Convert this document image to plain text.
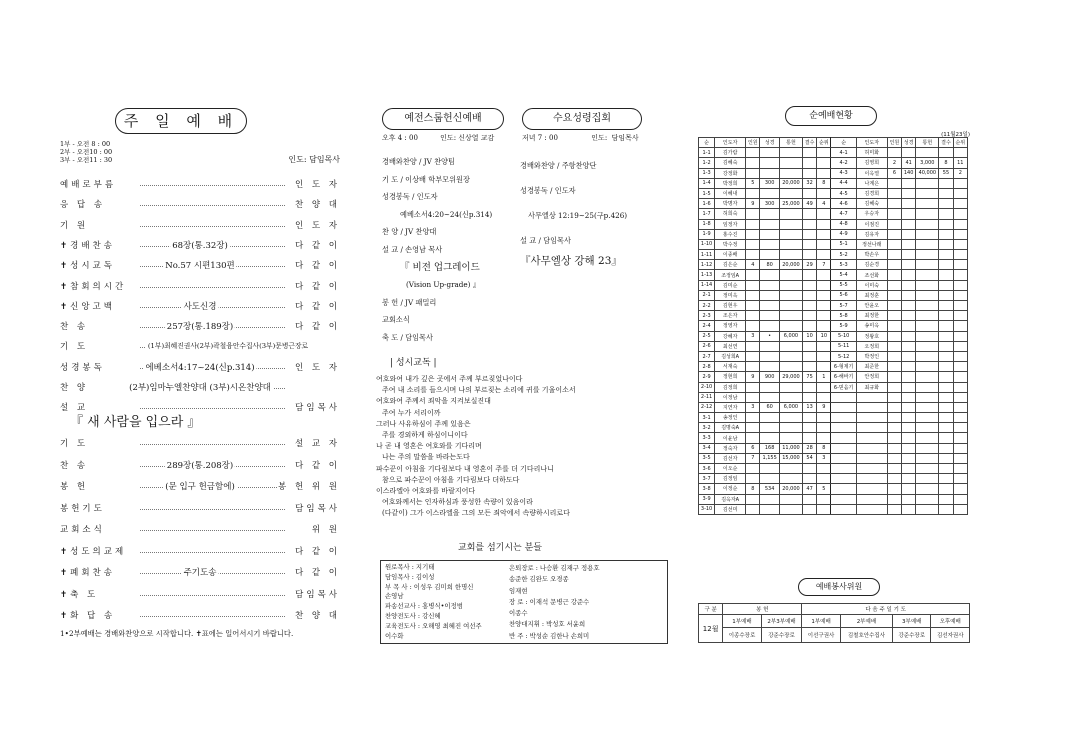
주 일 예 배
1부 - 오전 8 : 00
2부 - 오전10 : 00
3부 - 오전11 : 30	인도: 담임목사
예배로부름	인 도 자
응 답 송	찬 양 대
기 원	인 도 자
✝경배찬송	68장(통.32장)	다 같 이
✝성시교독	No.57 시편130편	다 같 이
✝참회의시간	다 같 이
✝신앙고백	사도신경	다 같 이
찬 송	257장(통.189장)	다 같 이
기 도	(1부)최혜진권사(2부)곽철융안수집사(3부)문병근장로
성경봉독	에베소서4:17~24(신p.314)	인 도 자
찬 양	(2부)임마누엘찬양대 (3부)시온찬양대
설 교	담임목사
『 새 사람을 입으라 』
기 도	설 교 자
찬 송	289장(통.208장)	다 같 이
봉 헌	(문 입구 헌금함에)	봉 헌 위 원
봉헌기도	담임목사
교회소식	위 원
✝성도의교제	다 같 이
✝폐회찬송	주기도송	다 같 이
✝축 도	담임목사
✝화 답 송	찬 양 대
1•2부예배는 경배와찬양으로 시작합니다. ✝표에는 일어서시기 바랍니다.
예전스룹헌신예배	수요성령집회
오후 4 : 00          인도: 신상열 교감	저녁 7 : 00               인도:  담임목사
경배와찬양 / JV 찬양팀
기 도 / 이상배 학부모위원장
성경봉독 / 인도자
예베소서4:20~24(신p.314)
찬 양 / JV 찬양대
설 교 / 손영남 목사
『 비전 업그레이드
(Vision Up-grade) 』
봉 헌 / JV 패밀리
교회소식
축 도 / 담임목사
경배와찬양 / 주항찬양단
성경봉독 / 인도자
사무엘상 12:19~25(구p.426)
설 교 / 담임목사
『사무엘상 강해 23』
| 성시교독 |
여호와여 내가 깊은 곳에서 주께 부르짖었나이다
주여 내 소리를 들으시며 나의 부르짖는 소리에 귀를 기울이소서
여호와여 주께서 죄악을 지켜보실진대
주여 누가 서리이까
그러나 사유하심이 주께 있음은
주를 경외하게 하심이니이다
나 곧 내 영혼은 여호와를 기다리며
나는 주의 말씀을 바라는도다
파수꾼이 아침을 기다림보다 내 영혼이 주를 더 기다리나니
참으로 파수꾼이 아침을 기다림보다 더하도다
이스라엘아 여호와를 바랄지어다
여호와께서는 인자하심과 풍성한 속량이 있음이라
(다같이) 그가 이스라엘을 그의 모든 죄악에서 속량하시리로다
교회를 섬기시는 분들
원로목사 : 지기태
담임목사 : 김이성
부 목 사 : 이성우 김미희 한명신
손영남
파송선교사 : 홍병식•이정범
찬양전도사 : 강신혜
교육전도사 : 오해영 최혜진 여선주
이수화
은퇴장로 : 나승환 김재구 정용호
송준한 김완도 오경종
임재현
장 로 : 이재석 문병근 강준수
이종수
찬양대지휘 : 박성호 서윤희
반 주 : 박성순 김한나 손희미
순예배현황
(11월23일)
순	인도자	인원	성경	통헌	결수	순위	순	인도자	인원	성경	통헌	결수	순위
1-1	김가람						4-1	허미화					
1-2	김혜숙						4-2	김영희	2	41	3,000	8	11
1-3	강정화						4-3	이옥열	6	140	40,000	55	2
1-4	박정희	5	300	20,000	32	8	4-4	나계은					
1-5	이혜내						4-5	김경희					
1-6	박명자	9	300	25,000	49	4	4-6	김혜숙					
1-7	허희숙						4-7	우승자					
1-8	임정자						4-8	이점진					
1-9	홍수진						4-9	김유자					
1-10	박수정						5-1	정선나래					
1-11	이종배						5-2	박손우					
1-12	김은순	4	80	20,000	29	7	5-3	김순경					
1-13	조정임A						5-4	조선화					
1-14	김미순						5-5	이미숙					
2-1	정미옥						5-6	최정훈					
2-2	김현우						5-7	안윤오					
2-3	조은자						5-8	최정한					
2-4	정영자						5-9	송미옥					
2-5	강혜자	3	•	6,000	10	10	5-10	정왕호					
2-6	최선연						5-11	오정희					
2-7	김성희A						5-12	박정인					
2-8	서재숙						6-형제기	최준한					
2-9	정현희	9	900	29,000	75	1	6-해바기	안정희					
2-10	김정희						6-믿음기	최규화					
2-11	이정남												
2-12	지연자	3	60	6,000	13	9							
3-1	송정인												
3-2	김명숙A												
3-3	이윤남												
3-4	정숙자	6	168	11,000	28	8							
3-5	김선자	7	1,155	15,000	54	3							
3-6	이오순												
3-7	김정임												
3-8	이정순	8	534	20,000	47	5							
3-9	김옥자A												
3-10	김선미												
예배봉사위원
구 분	봉 헌		다 음 주 일 기 도			
12월	1부예배	2부3부예배	1부예배	2부예배	3부예배	오후예배
	이종수장로	강준수장로	이선구권사	김철호안수집사	강준수장로	김선자권사
